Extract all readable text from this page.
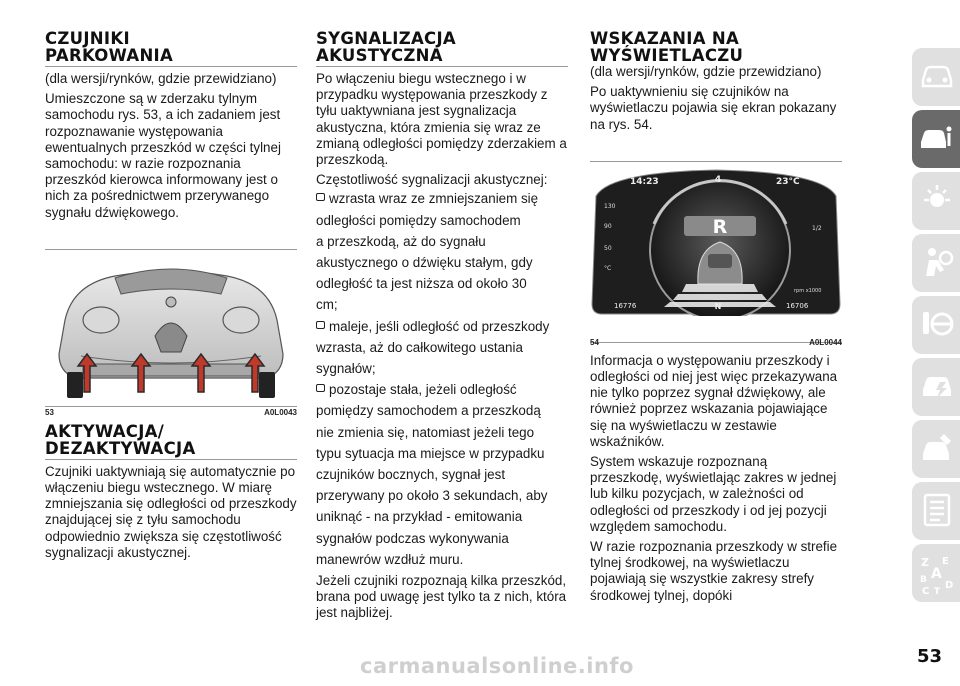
CZUJNIKI
PARKOWANIA

(dla wersji/rynków, gdzie przewidziano)

Umieszczone są w zderzaku tylnym samochodu rys. 53, a ich zadaniem jest rozpoznawanie występowania ewentualnych przeszkód w części tylnej samochodu: w razie rozpoznania przeszkód kierowca informowany jest o nich za pośrednictwem przerywanego sygnału dźwiękowego.

53	A0L0043
AKTYWACJA/
DEZAKTYWACJA

Czujniki uaktywniają się automatycznie po włączeniu biegu wstecznego. W miarę zmniejszania się odległości od przeszkody znajdującej się z tyłu samochodu odpowiednio zwiększa się częstotliwość sygnalizacji akustycznej.

SYGNALIZACJA
AKUSTYCZNA

Po włączeniu biegu wstecznego i w przypadku występowania przeszkody z tyłu uaktywniana jest sygnalizacja akustyczna, która zmienia się wraz ze zmianą odległości pomiędzy zderzakiem a przeszkodą.

Częstotliwość sygnalizacji akustycznej:

wzrasta wraz ze zmniejszaniem się
odległości pomiędzy samochodem
a przeszkodą, aż do sygnału
akustycznego o dźwięku stałym, gdy
odległość ta jest niższa od około 30
cm;
maleje, jeśli odległość od przeszkody
wzrasta, aż do całkowitego ustania
sygnałów;
pozostaje stała, jeżeli odległość
pomiędzy samochodem a przeszkodą
nie zmienia się, natomiast jeżeli tego
typu sytuacja ma miejsce w przypadku
czujników bocznych, sygnał jest
przerywany po około 3 sekundach, aby
uniknąć - na przykład - emitowania
sygnałów podczas wykonywania
manewrów wzdłuż muru.

Jeżeli czujniki rozpoznają kilka przeszkód, brana pod uwagę jest tylko ta z nich, która jest najbliżej.

WSKAZANIA NA
WYŚWIETLACZU

(dla wersji/rynków, gdzie przewidziano)

Po uaktywnieniu się czujników na wyświetlaczu pojawia się ekran pokazany na rys. 54.

R
14:23	4	23°C
130
90
50
°C
1/2
rpm x1000
16776	N	16706
54	A0L0044

Informacja o występowaniu przeszkody i odległości od niej jest więc przekazywana nie tylko poprzez sygnał dźwiękowy, ale również poprzez wskazania pojawiające się na wyświetlaczu w zestawie wskaźników.

System wskazuje rozpoznaną przeszkodę, wyświetlając zakres w jednej lub kilku pozycjach, w zależności od odległości od przeszkody i od jej pozycji względem samochodu.

W razie rozpoznania przeszkody w strefie tylnej środkowej, na wyświetlaczu pojawiają się wszystkie zakresy strefy środkowej tylnej, dopóki

Z E
A
B
C
D
T
53
carmanualsonline.info
